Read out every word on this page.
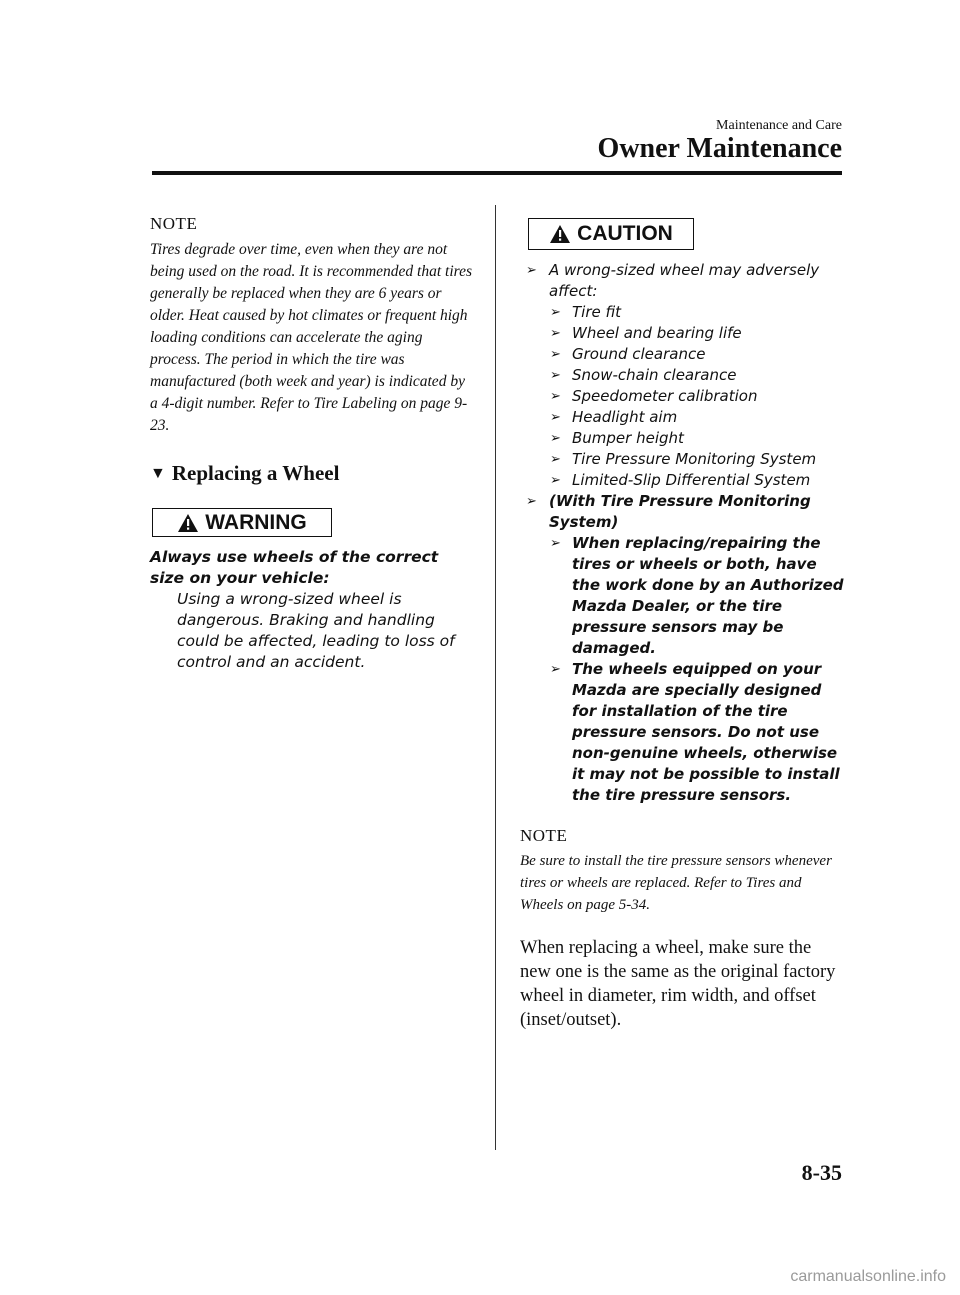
Maintenance and Care
Owner Maintenance
NOTE
Tires degrade over time, even when they are not being used on the road. It is recommended that tires generally be replaced when they are 6 years or older. Heat caused by hot climates or frequent high loading conditions can accelerate the aging process. The period in which the tire was manufactured (both week and year) is indicated by a 4-digit number. Refer to Tire Labeling on page 9-23.
▼ Replacing a Wheel
WARNING
Always use wheels of the correct size on your vehicle:
Using a wrong-sized wheel is dangerous. Braking and handling could be affected, leading to loss of control and an accident.
CAUTION
➢ A wrong-sized wheel may adversely affect:
➢ Tire fit
➢ Wheel and bearing life
➢ Ground clearance
➢ Snow-chain clearance
➢ Speedometer calibration
➢ Headlight aim
➢ Bumper height
➢ Tire Pressure Monitoring System
➢ Limited-Slip Differential System
➢ (With Tire Pressure Monitoring System)
➢ When replacing/repairing the tires or wheels or both, have the work done by an Authorized Mazda Dealer, or the tire pressure sensors may be damaged.
➢ The wheels equipped on your Mazda are specially designed for installation of the tire pressure sensors. Do not use non-genuine wheels, otherwise it may not be possible to install the tire pressure sensors.
NOTE
Be sure to install the tire pressure sensors whenever tires or wheels are replaced. Refer to Tires and Wheels on page 5-34.
When replacing a wheel, make sure the new one is the same as the original factory wheel in diameter, rim width, and offset (inset/outset).
8-35
carmanualsonline.info
